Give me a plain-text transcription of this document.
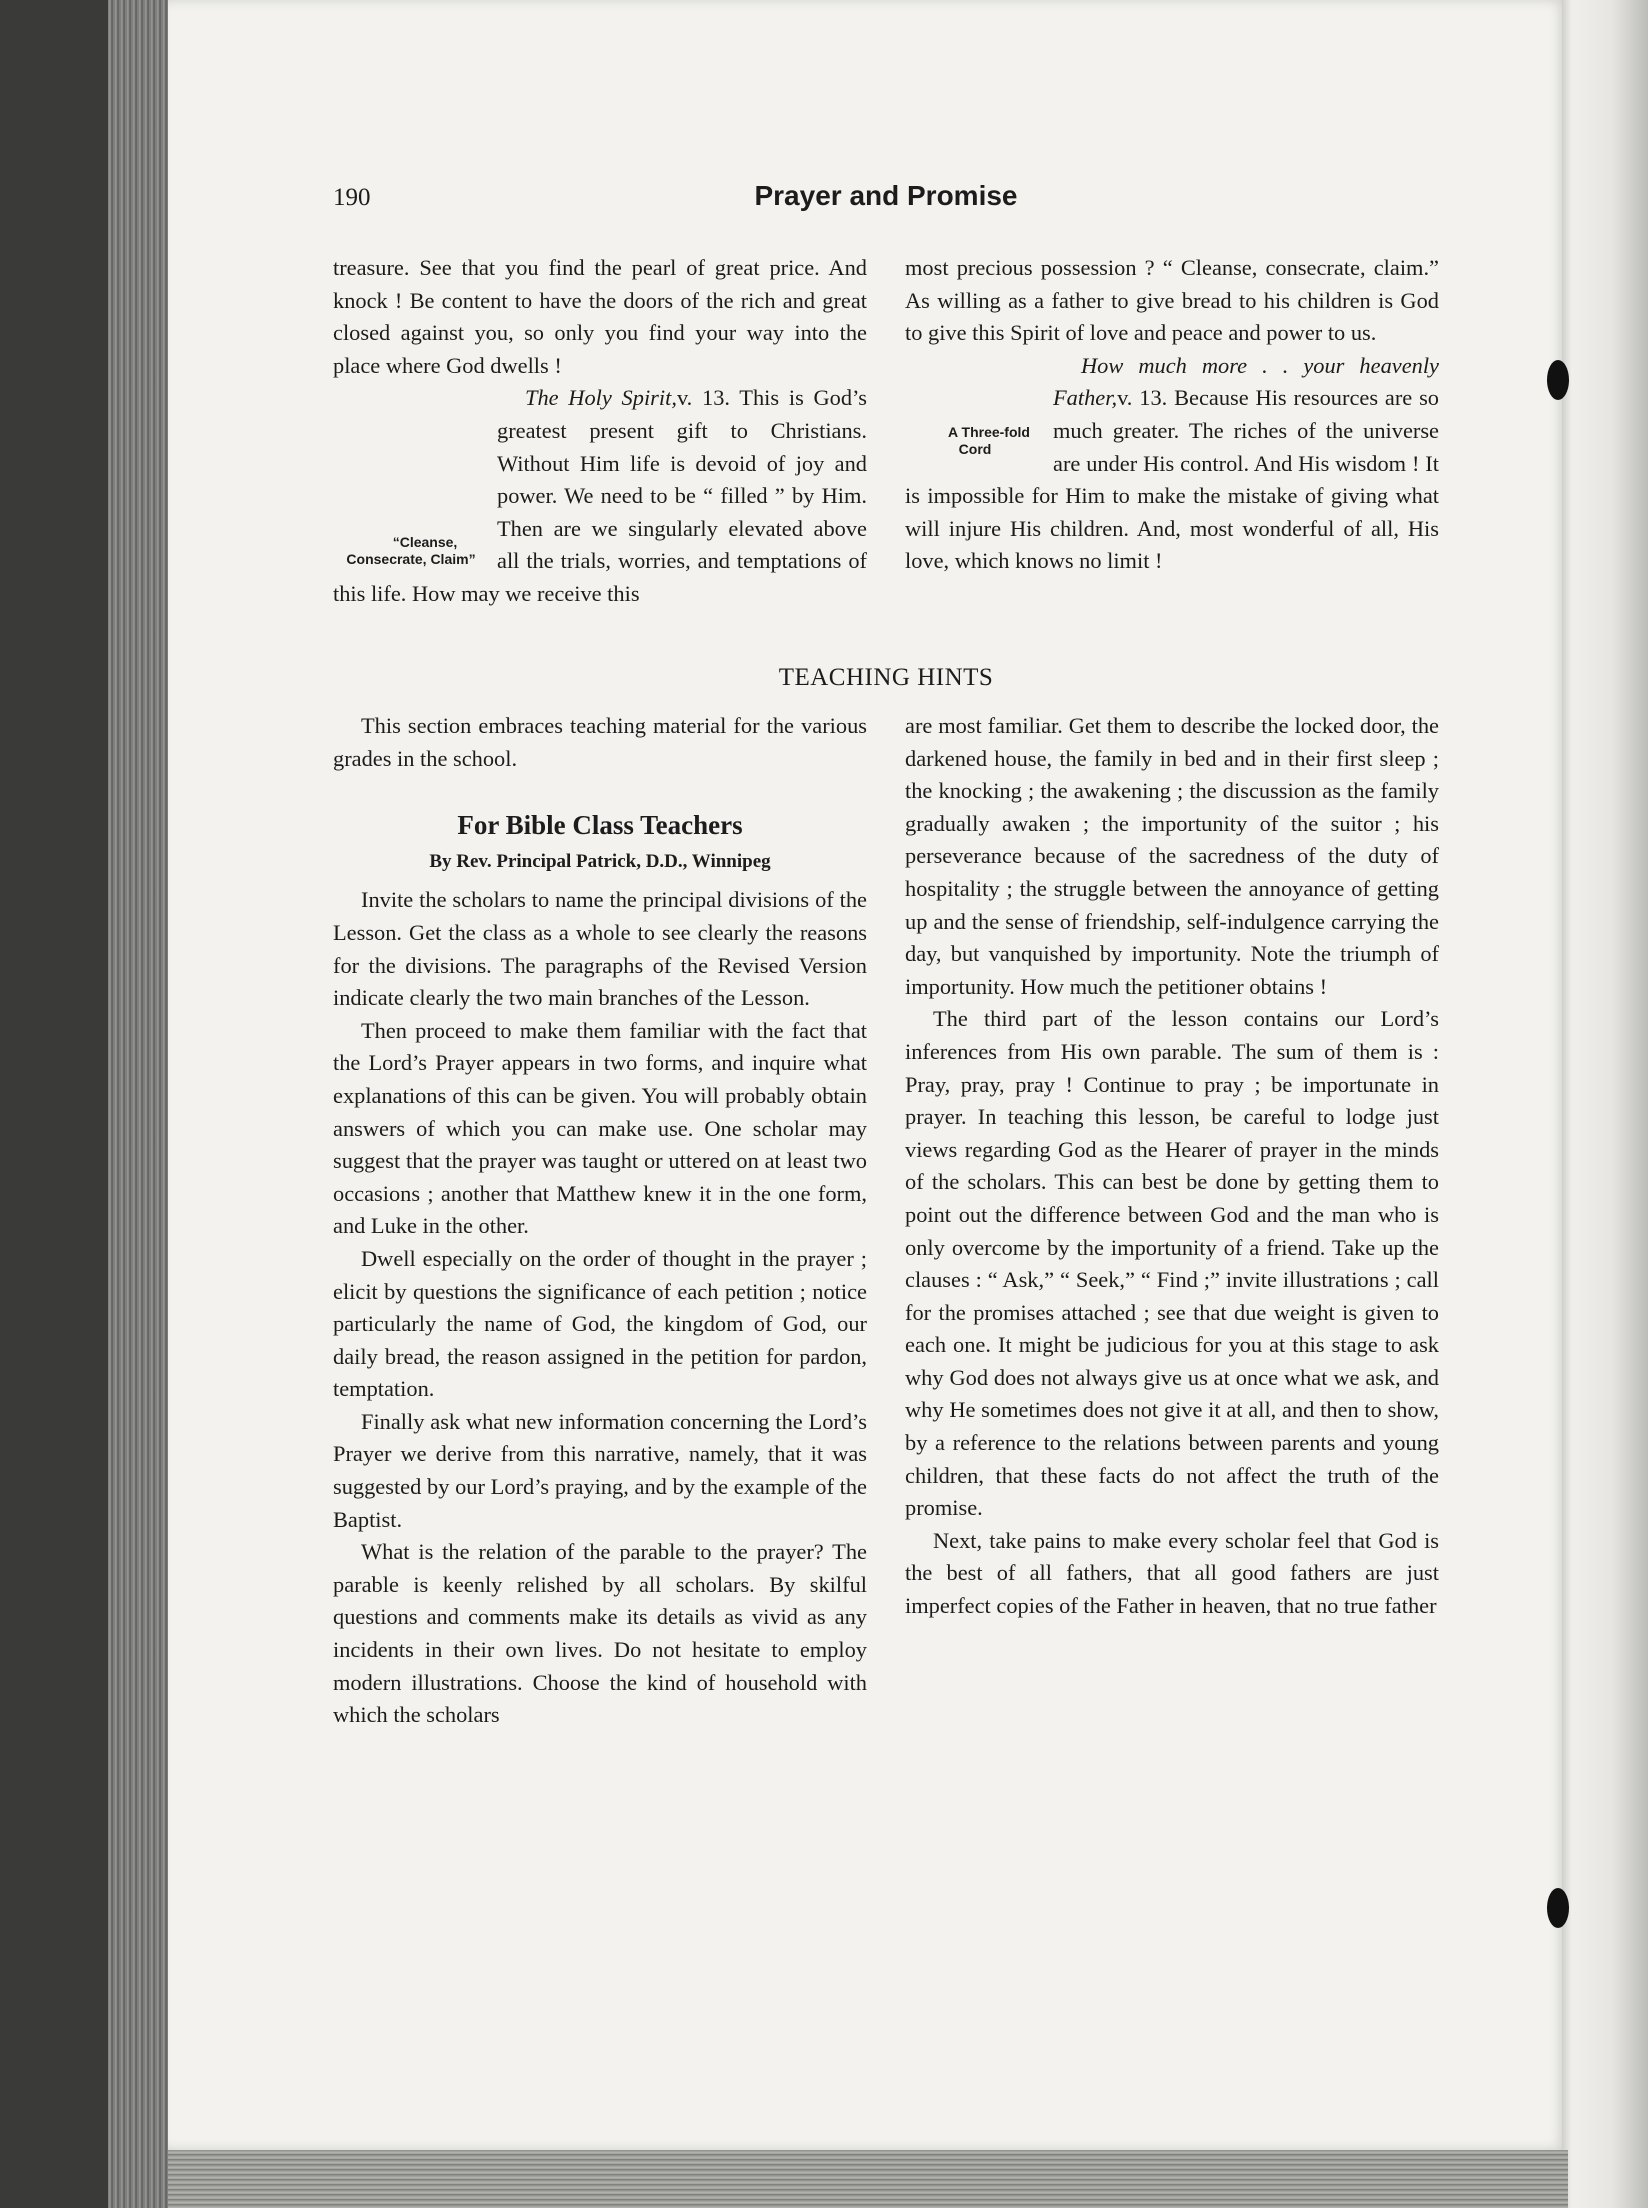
190	Prayer and Promise

treasure. See that you find the pearl of great price. And knock ! Be content to have the doors of the rich and great closed against you, so only you find your way into the place where God dwells !

“Cleanse, Consecrate, Claim”
The Holy Spirit,v. 13. This is God’s greatest present gift to Christians. Without Him life is devoid of joy and power. We need to be “ filled ” by Him. Then are we singularly elevated above all the trials, worries, and temptations of this life. How may we receive this

most precious possession ? “ Cleanse, consecrate, claim.” As willing as a father to give bread to his children is God to give this Spirit of love and peace and power to us.

A Three-fold Cord
How much more . . your heavenly Father,v. 13. Because His resources are so much greater. The riches of the universe are under His control. And His wisdom ! It is impossible for Him to make the mistake of giving what will injure His children. And, most wonderful of all, His love, which knows no limit !

TEACHING HINTS

This section embraces teaching material for the various grades in the school.

For Bible Class Teachers
By Rev. Principal Patrick, D.D., Winnipeg

Invite the scholars to name the principal divisions of the Lesson. Get the class as a whole to see clearly the reasons for the divisions. The paragraphs of the Revised Version indicate clearly the two main branches of the Lesson.

Then proceed to make them familiar with the fact that the Lord’s Prayer appears in two forms, and inquire what explanations of this can be given. You will probably obtain answers of which you can make use. One scholar may suggest that the prayer was taught or uttered on at least two occasions ; another that Matthew knew it in the one form, and Luke in the other.

Dwell especially on the order of thought in the prayer ; elicit by questions the significance of each petition ; notice particularly the name of God, the kingdom of God, our daily bread, the reason assigned in the petition for pardon, temptation.

Finally ask what new information concerning the Lord’s Prayer we derive from this narrative, namely, that it was suggested by our Lord’s praying, and by the example of the Baptist.

What is the relation of the parable to the prayer? The parable is keenly relished by all scholars. By skilful questions and comments make its details as vivid as any incidents in their own lives. Do not hesitate to employ modern illustrations. Choose the kind of household with which the scholars

are most familiar. Get them to describe the locked door, the darkened house, the family in bed and in their first sleep ; the knocking ; the awakening ; the discussion as the family gradually awaken ; the importunity of the suitor ; his perseverance because of the sacredness of the duty of hospitality ; the struggle between the annoyance of getting up and the sense of friendship, self-indulgence carrying the day, but vanquished by importunity. Note the triumph of importunity. How much the petitioner obtains !

The third part of the lesson contains our Lord’s inferences from His own parable. The sum of them is : Pray, pray, pray ! Continue to pray ; be importunate in prayer. In teaching this lesson, be careful to lodge just views regarding God as the Hearer of prayer in the minds of the scholars. This can best be done by getting them to point out the difference between God and the man who is only overcome by the importunity of a friend. Take up the clauses : “ Ask,” “ Seek,” “ Find ;” invite illustrations ; call for the promises attached ; see that due weight is given to each one. It might be judicious for you at this stage to ask why God does not always give us at once what we ask, and why He sometimes does not give it at all, and then to show, by a reference to the relations between parents and young children, that these facts do not affect the truth of the promise.

Next, take pains to make every scholar feel that God is the best of all fathers, that all good fathers are just imperfect copies of the Father in heaven, that no true father
